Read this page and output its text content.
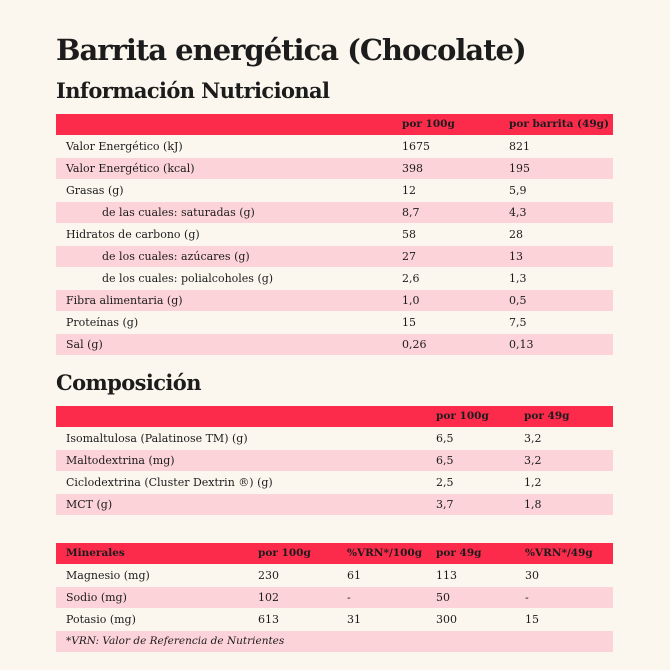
Barrita energética (Chocolate)
Información Nutricional
	por 100g	por barrita (49g)
Valor Energético (kJ)	1675	821
Valor Energético (kcal)	398	195
Grasas (g)	12	5,9
de las cuales: saturadas (g)	8,7	4,3
Hidratos de carbono (g)	58	28
de los cuales: azúcares (g)	27	13
de los cuales: polialcoholes (g)	2,6	1,3
Fibra alimentaria (g)	1,0	0,5
Proteínas (g)	15	7,5
Sal (g)	0,26	0,13
Composición
	por 100g	por 49g
Isomaltulosa (Palatinose TM) (g)	6,5	3,2
Maltodextrina (mg)	6,5	3,2
Ciclodextrina (Cluster Dextrin ®) (g)	2,5	1,2
MCT (g)	3,7	1,8
Minerales	por 100g	%VRN*/100g	por 49g	%VRN*/49g
Magnesio (mg)	230	61	113	30
Sodio (mg)	102	-	50	-
Potasio (mg)	613	31	300	15
*VRN: Valor de Referencia de Nutrientes				
